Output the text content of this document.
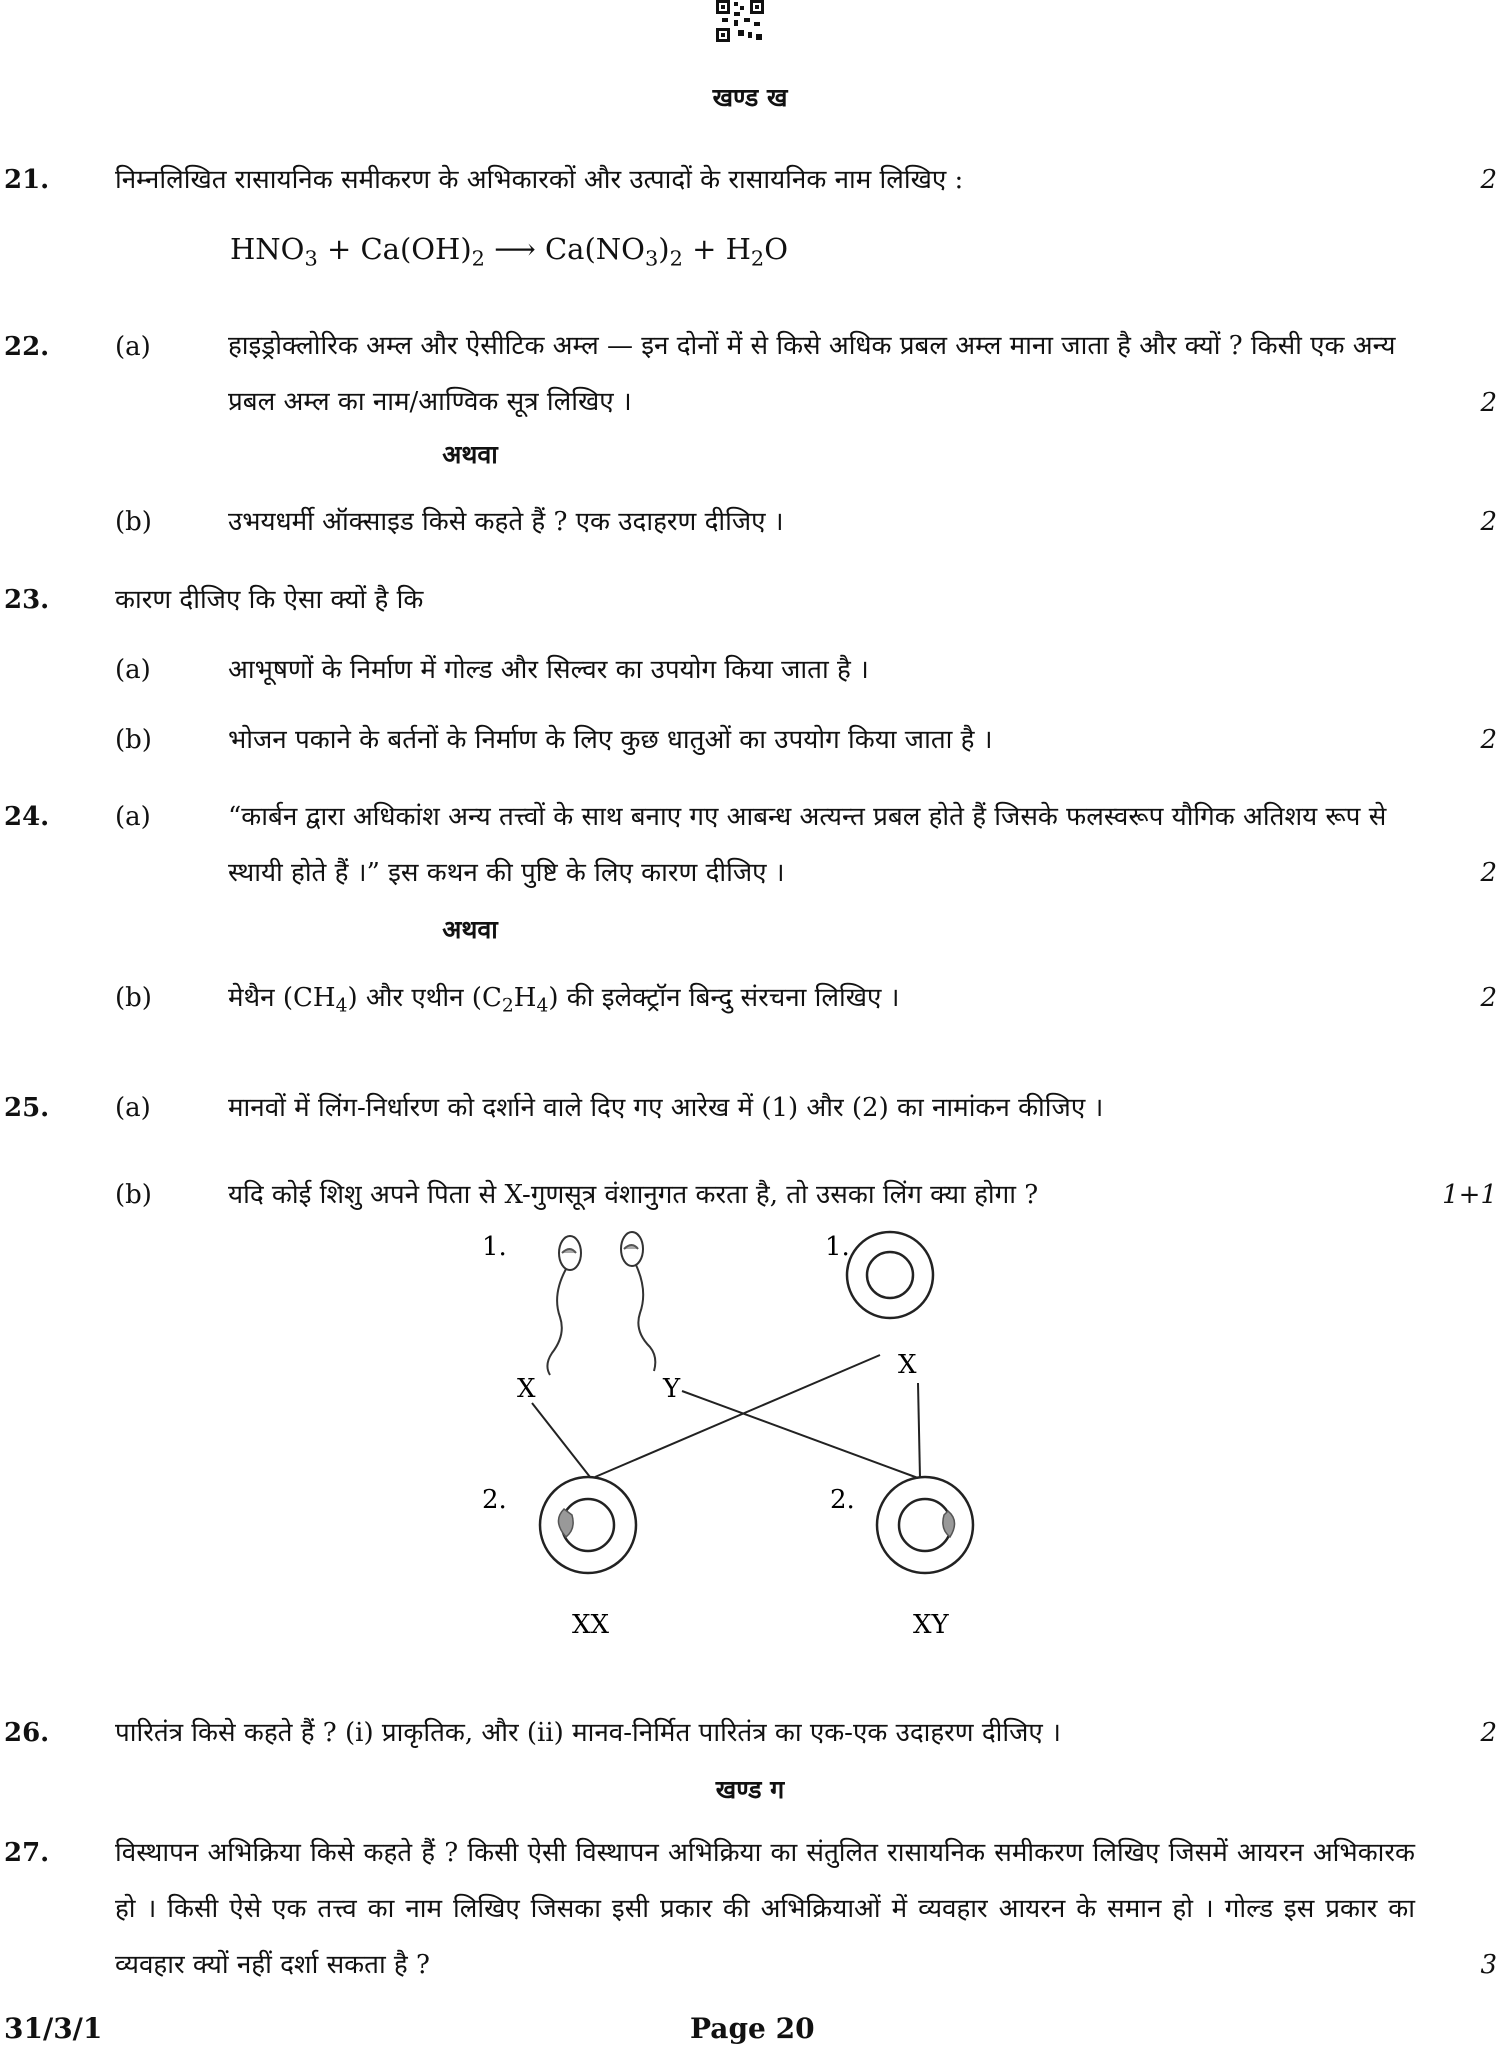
खण्ड ख
21.	निम्नलिखित रासायनिक समीकरण के अभिकारकों और उत्पादों के रासायनिक नाम लिखिए :	2
$HNO_3 + Ca(OH)_2$ ⟶ $Ca(NO_3)_2 + H_2O$
22.	(a)	हाइड्रोक्लोरिक अम्ल और ऐसीटिक अम्ल — इन दोनों में से किसे अधिक प्रबल अम्ल माना जाता है और क्यों ? किसी एक अन्य प्रबल अम्ल का नाम/आण्विक सूत्र लिखिए ।	2
अथवा
(b)	उभयधर्मी ऑक्साइड किसे कहते हैं ? एक उदाहरण दीजिए ।	2
23.	कारण दीजिए कि ऐसा क्यों है कि
(a)	आभूषणों के निर्माण में गोल्ड और सिल्वर का उपयोग किया जाता है ।
(b)	भोजन पकाने के बर्तनों के निर्माण के लिए कुछ धातुओं का उपयोग किया जाता है ।	2
24.	(a)	“कार्बन द्वारा अधिकांश अन्य तत्त्वों के साथ बनाए गए आबन्ध अत्यन्त प्रबल होते हैं जिसके फलस्वरूप यौगिक अतिशय रूप से स्थायी होते हैं ।” इस कथन की पुष्टि के लिए कारण दीजिए ।	2
अथवा
(b)	मेथैन $(CH_4)$ और एथीन $(C_2H_4)$ की इलेक्ट्रॉन बिन्दु संरचना लिखिए ।	2
25.	(a)	मानवों में लिंग-निर्धारण को दर्शाने वाले दिए गए आरेख में (1) और (2) का नामांकन कीजिए ।
(b)	यदि कोई शिशु अपने पिता से X-गुणसूत्र वंशानुगत करता है, तो उसका लिंग क्या होगा ?	1+1
1.	1.
2.	2.
X	Y
X
XX	XY
26.	पारितंत्र किसे कहते हैं ? (i) प्राकृतिक, और (ii) मानव-निर्मित पारितंत्र का एक-एक उदाहरण दीजिए ।	2
खण्ड ग
27.	विस्थापन अभिक्रिया किसे कहते हैं ? किसी ऐसी विस्थापन अभिक्रिया का संतुलित रासायनिक समीकरण लिखिए जिसमें आयरन अभिकारक हो । किसी ऐसे एक तत्त्व का नाम लिखिए जिसका इसी प्रकार की अभिक्रियाओं में व्यवहार आयरन के समान हो । गोल्ड इस प्रकार का व्यवहार क्यों नहीं दर्शा सकता है ?	3
31/3/1	Page 20
